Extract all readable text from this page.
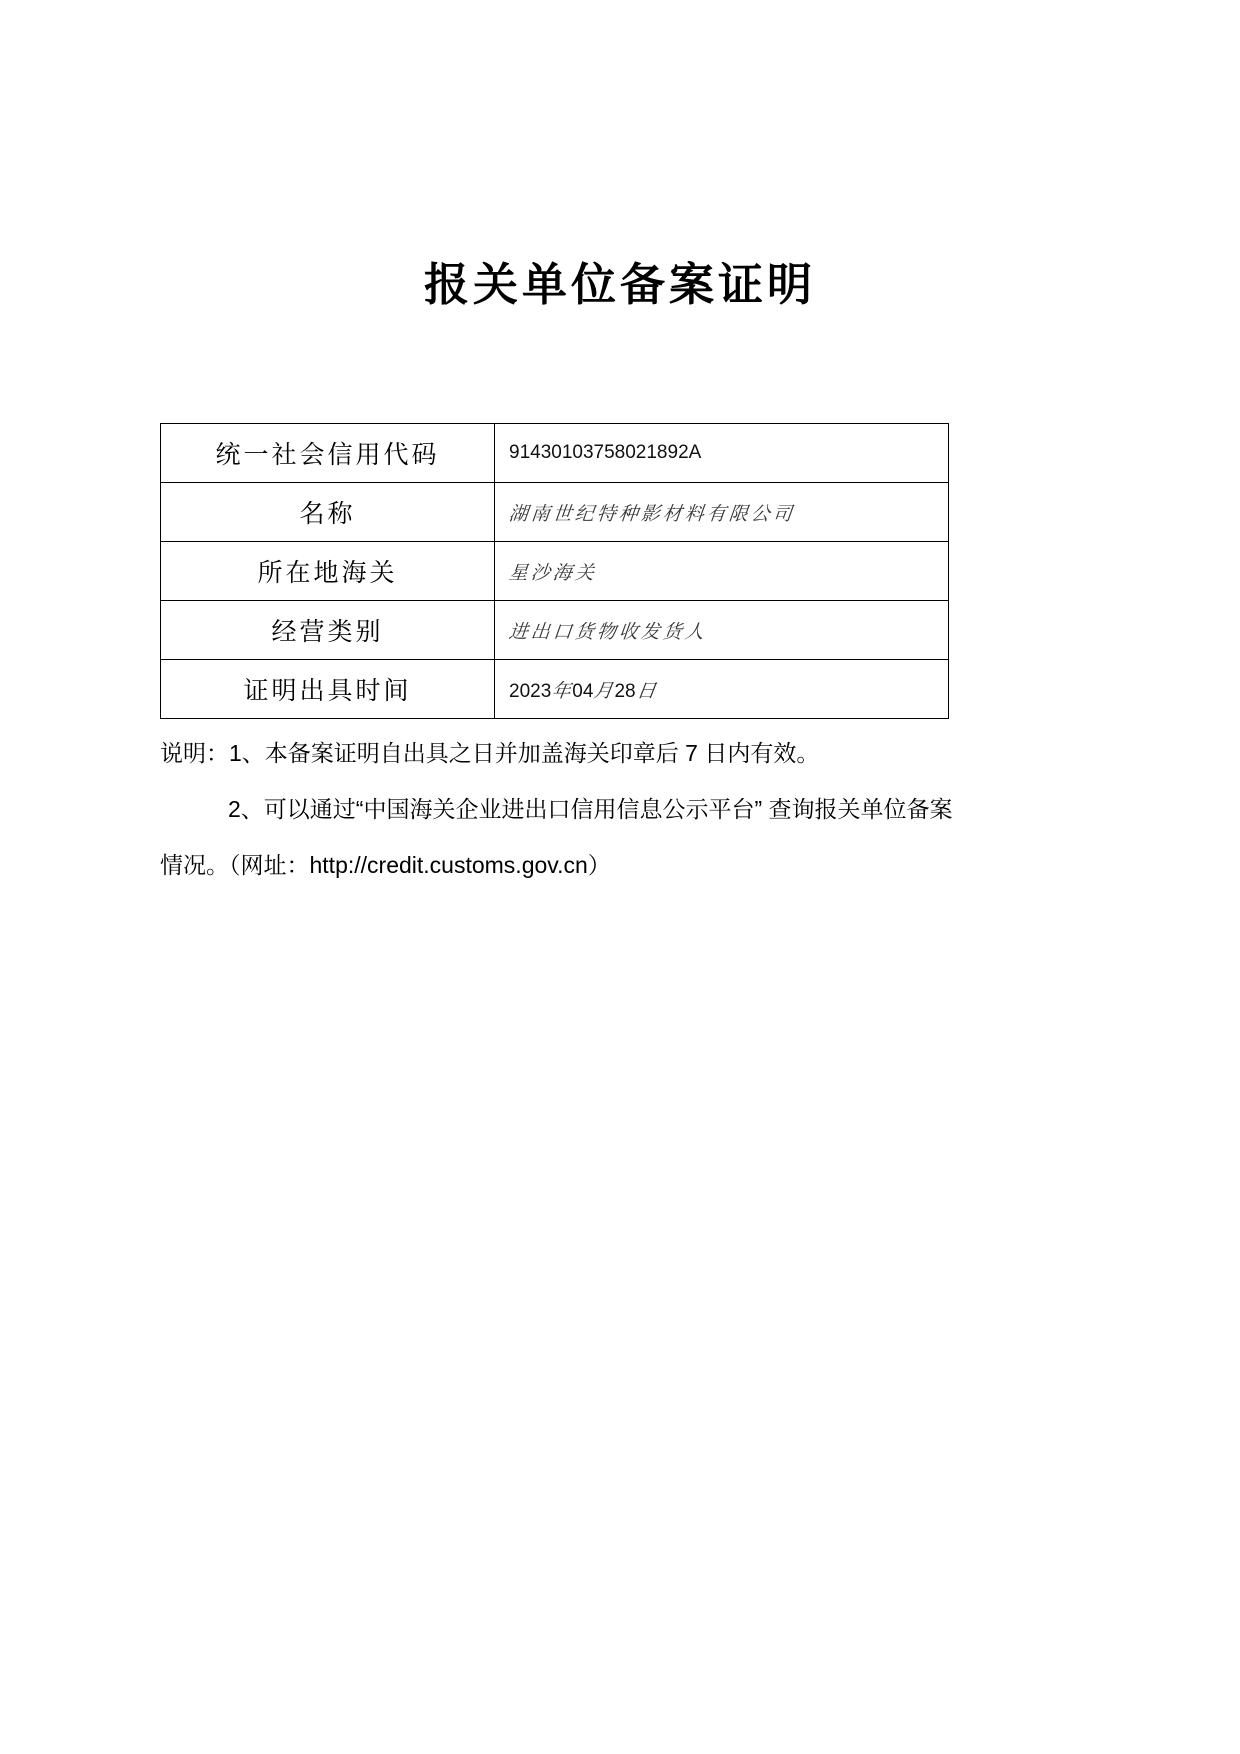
报关单位备案证明
统一社会信用代码	91430103758021892A
名称	湖南世纪特种影材料有限公司
所在地海关	星沙海关
经营类别	进出口货物收发货人
证明出具时间	2023年04月28日
说明：1、本备案证明自出具之日并加盖海关印章后 7 日内有效。
2、可以通过“中国海关企业进出口信用信息公示平台” 查询报关单位备案
情况。（网址：http://credit.customs.gov.cn）
